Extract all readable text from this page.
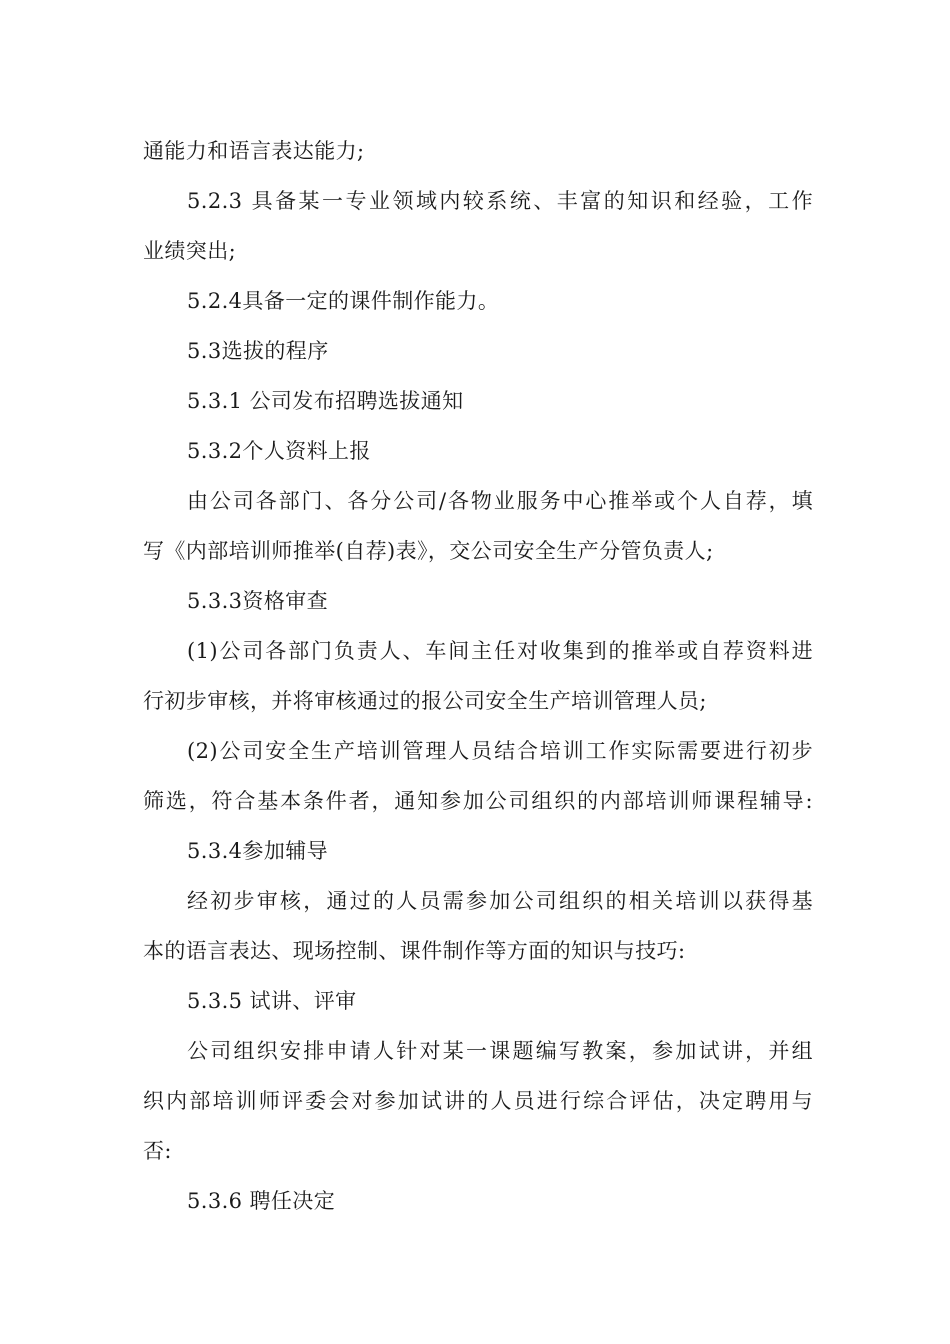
通能力和语言表达能力;
5.2.3 具备某一专业领域内较系统、丰富的知识和经验，工作
业绩突出;
5.2.4具备一定的课件制作能力。
5.3选拔的程序
5.3.1 公司发布招聘选拔通知
5.3.2个人资料上报
由公司各部门、各分公司/各物业服务中心推举或个人自荐，填
写《内部培训师推举(自荐)表》，交公司安全生产分管负责人;
5.3.3资格审查
(1)公司各部门负责人、车间主任对收集到的推举或自荐资料进
行初步审核，并将审核通过的报公司安全生产培训管理人员;
(2)公司安全生产培训管理人员结合培训工作实际需要进行初步
筛选，符合基本条件者，通知参加公司组织的内部培训师课程辅导:
5.3.4参加辅导
经初步审核，通过的人员需参加公司组织的相关培训以获得基
本的语言表达、现场控制、课件制作等方面的知识与技巧:
5.3.5 试讲、评审
公司组织安排申请人针对某一课题编写教案，参加试讲，并组
织内部培训师评委会对参加试讲的人员进行综合评估，决定聘用与
否:
5.3.6 聘任决定
